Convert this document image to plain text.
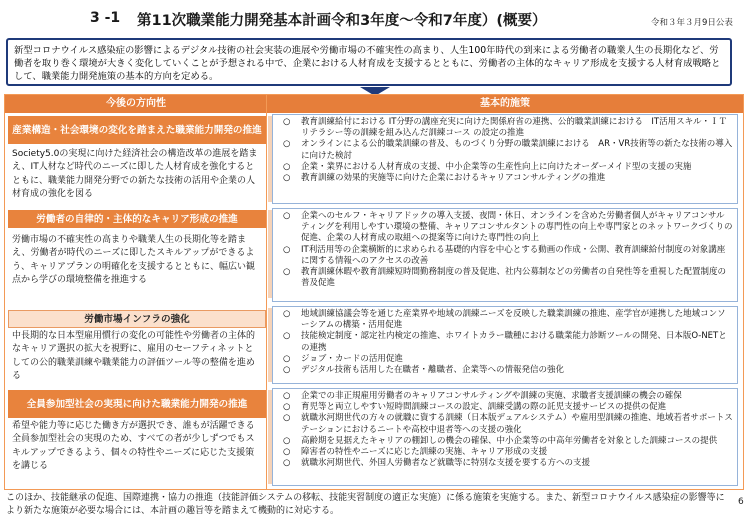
3 -1 第11次職業能力開発基本計画令和3年度～令和7年度）(概要）	令和３年３月9日公表
新型コロナウイルス感染症の影響によるデジタル技術の社会実装の進展や労働市場の不確実性の高まり、人生100年時代の到来による労働者の職業人生の長期化など、労働者を取り巻く環境が大きく変化していくことが予想される中で、企業における人材育成を支援するとともに、労働者の主体的なキャリア形成を支援する人材育成戦略として、職業能力開発施策の基本的方向を定める。
今後の方向性	基本的施策
産業構造・社会環境の変化を踏まえた職業能力開発の推進
Society5.0の実現に向けた経済社会の構造改革の進展を踏まえ、IT人材など時代のニーズに即した人材育成を強化するとともに、職業能力開発分野での新たな技術の活用や企業の人材育成の強化を図る
○ 教育訓練給付における IT分野の講座充実に向けた関係府省の連携、公的職業訓練における　IT活用スキル・ＩＴリテラシー等の訓練を組み込んだ訓練コース の設定の推進
○ オンラインによる公的職業訓練の普及、ものづくり分野の職業訓練における　AR・VR技術等の新たな技術の導入に向けた検討
○ 企業・業界における人材育成の支援、中小企業等の生産性向上に向けたオーダーメイド型の支援の実施
○ 教育訓練の効果的実施等に向けた企業におけるキャリアコンサルティングの推進
労働者の自律的・主体的なキャリア形成の推進
労働市場の不確実性の高まりや職業人生の長期化等を踏まえ、労働者が時代のニーズに即したスキルアップができるよう、キャリアプランの明確化を支援するとともに、幅広い観点から学びの環境整備を推進する
○ 企業へのセルフ・キャリアドックの導入支援、夜間・休日、オンラインを含めた労働者個人がキャリアコンサルティングを利用しやすい環境の整備、キャリアコンサルタントの専門性の向上や専門家とのネットワークづくりの促進、企業の人材育成の取組への提案等に向けた専門性の向上
○ IT利活用等の企業横断的に求められる基礎的内容を中心とする動画の作成・公開、教育訓練給付制度の対象講座に関する情報へのアクセスの改善
○ 教育訓練休暇や教育訓練短時間勤務制度の普及促進、社内公募制などの労働者の自発性等を重視した配置制度の普及促進
労働市場インフラの強化
中長期的な日本型雇用慣行の変化の可能性や労働者の主体的なキャリア選択の拡大を視野に、雇用のセーフティネットとしての公的職業訓練や職業能力の評価ツール等の整備を進める
○ 地域訓練協議会等を通じた産業界や地域の訓練ニーズを反映した職業訓練の推進、産学官が連携した地域コンソーシアムの構築・活用促進
○ 技能検定制度・認定社内検定の推進、ホワイトカラー職種における職業能力診断ツールの開発、日本版O-NETとの連携
○ ジョブ・カードの活用促進
○ デジタル技術も活用した在職者・離職者、企業等への情報発信の強化
全員参加型社会の実現に向けた職業能力開発の推進
希望や能力等に応じた働き方が選択でき、誰もが活躍できる全員参加型社会の実現のため、すべての者が少しずつでもスキルアップできるよう、個々の特性やニーズに応じた支援策を講じる
○ 企業での非正規雇用労働者のキャリアコンサルティングや訓練の実施、求職者支援訓練の機会の確保
○ 育児等と両立しやすい短時間訓練コースの設定、訓練受講の際の託児支援サービスの提供の促進
○ 就職氷河期世代の方々の就職に資する訓練（日本版デュアルシステム）や雇用型訓練の推進、地域若者サポートステーションにおけるニートや高校中退者等への支援の強化
○ 高齢期を見据えたキャリアの棚卸しの機会の確保、中小企業等の中高年労働者を対象とした訓練コースの提供
○ 障害者の特性やニーズに応じた訓練の実施、キャリア形成の支援
○ 就職氷河期世代、外国人労働者など就職等に特別な支援を要する方への支援
このほか、技能継承の促進、国際連携・協力の推進（技能評価システムの移転、技能実習制度の適正な実施）に係る施策を実施する。また、新型コロナウイルス感染症の影響等により新たな施策が必要な場合には、本計画の趣旨等を踏まえて機動的に対応する。
6
